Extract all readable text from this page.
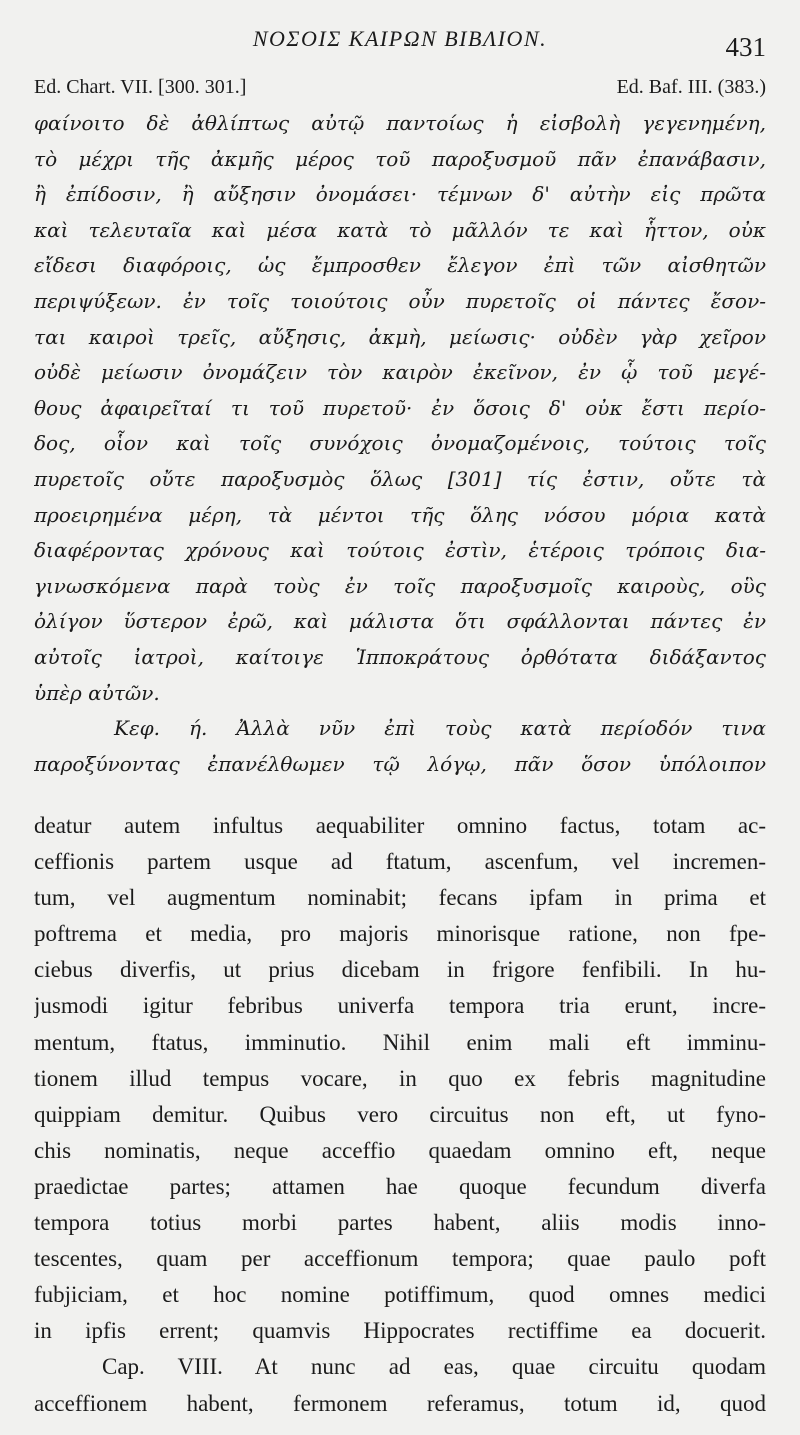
ΝΟΣΟΙΣ ΚΑΙΡΩΝ ΒΙΒΛΙΟΝ.	431
Ed. Chart. VII. [300. 301.]	Ed. Baf. III. (383.)
φαίνοιτο δὲ ἀθλίπτως αὐτῷ παντοίως ἡ εἰσβολὴ γεγενημένη,
τὸ μέχρι τῆς ἀκμῆς μέρος τοῦ παροξυσμοῦ πᾶν ἐπανάβασιν,
ἢ ἐπίδοσιν, ἢ αὔξησιν ὀνομάσει· τέμνων δ' αὐτὴν εἰς πρῶτα
καὶ τελευταῖα καὶ μέσα κατὰ τὸ μᾶλλόν τε καὶ ἧττον, οὐκ
εἴδεσι διαφόροις, ὡς ἔμπροσθεν ἔλεγον ἐπὶ τῶν αἰσθητῶν
περιψύξεων. ἐν τοῖς τοιούτοις οὖν πυρετοῖς οἱ πάντες ἔσον-
ται καιροὶ τρεῖς, αὔξησις, ἀκμὴ, μείωσις· οὐδὲν γὰρ χεῖρον
οὐδὲ μείωσιν ὀνομάζειν τὸν καιρὸν ἐκεῖνον, ἐν ᾧ τοῦ μεγέ-
θους ἀφαιρεῖταί τι τοῦ πυρετοῦ· ἐν ὅσοις δ' οὐκ ἔστι περίο-
δος, οἷον καὶ τοῖς συνόχοις ὀνομαζομένοις, τούτοις τοῖς
πυρετοῖς οὔτε παροξυσμὸς ὅλως [301] τίς ἐστιν, οὔτε τὰ
προειρημένα μέρη, τὰ μέντοι τῆς ὅλης νόσου μόρια κατὰ
διαφέροντας χρόνους καὶ τούτοις ἐστὶν, ἑτέροις τρόποις δια-
γινωσκόμενα παρὰ τοὺς ἐν τοῖς παροξυσμοῖς καιροὺς, οὓς
ὀλίγον ὕστερον ἐρῶ, καὶ μάλιστα ὅτι σφάλλονται πάντες ἐν
αὐτοῖς ἰατροὶ, καίτοιγε Ἱπποκράτους ὀρθότατα διδάξαντος
ὑπὲρ αὐτῶν.
Κεφ. ή. Ἀλλὰ νῦν ἐπὶ τοὺς κατὰ περίοδόν τινα
παροξύνοντας ἐπανέλθωμεν τῷ λόγῳ, πᾶν ὅσον ὑπόλοιπον
deatur autem infultus aequabiliter omnino factus, totam ac-
ceffionis partem usque ad ftatum, ascenfum, vel incremen-
tum, vel augmentum nominabit; fecans ipfam in prima et
poftrema et media, pro majoris minorisque ratione, non fpe-
ciebus diverfis, ut prius dicebam in frigore fenfibili. In hu-
jusmodi igitur febribus univerfa tempora tria erunt, incre-
mentum, ftatus, imminutio. Nihil enim mali eft imminu-
tionem illud tempus vocare, in quo ex febris magnitudine
quippiam demitur. Quibus vero circuitus non eft, ut fyno-
chis nominatis, neque acceffio quaedam omnino eft, neque
praedictae partes; attamen hae quoque fecundum diverfa
tempora totius morbi partes habent, aliis modis inno-
tescentes, quam per acceffionum tempora; quae paulo poft
fubjiciam, et hoc nomine potiffimum, quod omnes medici
in ipfis errent; quamvis Hippocrates rectiffime ea docuerit.
Cap. VIII. At nunc ad eas, quae circuitu quodam
acceffionem habent, fermonem referamus, totum id, quod
